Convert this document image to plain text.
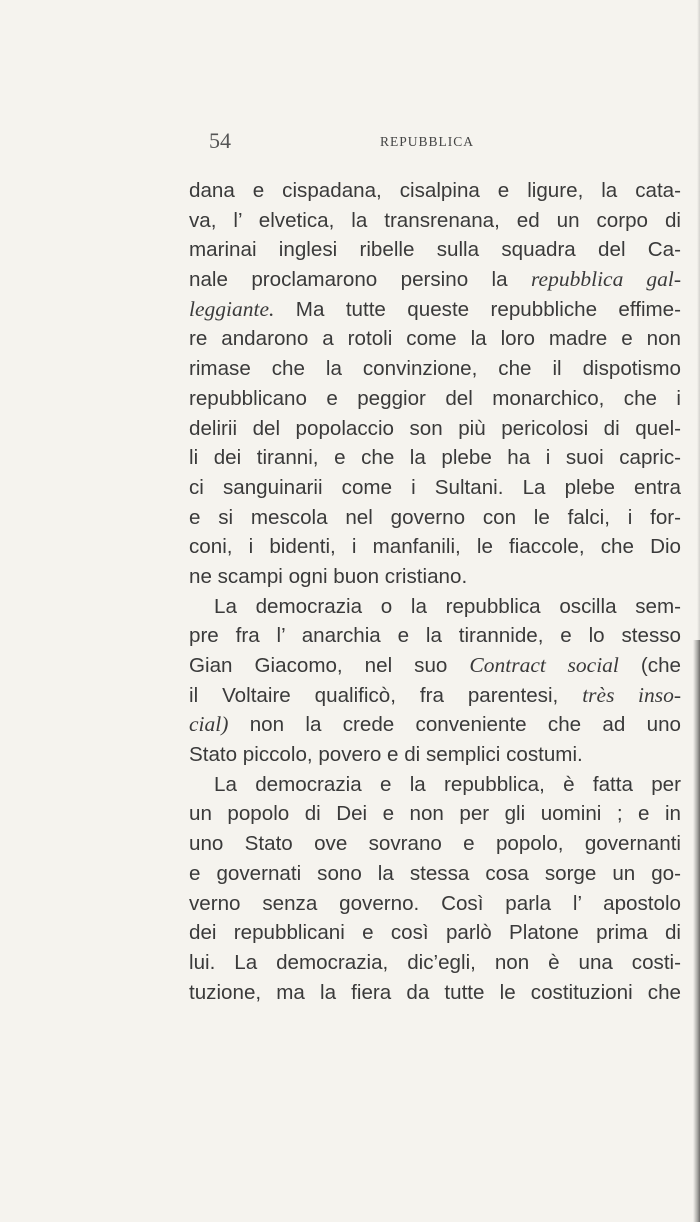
54	REPUBBLICA
dana e cispadana, cisalpina e ligure, la cata-
va, l’ elvetica, la transrenana, ed un corpo di
marinai inglesi ribelle sulla squadra del Ca-
nale proclamarono persino la repubblica gal-
leggiante. Ma tutte queste repubbliche effime-
re andarono a rotoli come la loro madre e non
rimase che la convinzione, che il dispotismo
repubblicano e peggior del monarchico, che i
delirii del popolaccio son più pericolosi di quel-
li dei tiranni, e che la plebe ha i suoi capric-
ci sanguinarii come i Sultani. La plebe entra
e si mescola nel governo con le falci, i for-
coni, i bidenti, i manfanili, le fiaccole, che Dio
ne scampi ogni buon cristiano.
La democrazia o la repubblica oscilla sem-
pre fra l’ anarchia e la tirannide, e lo stesso
Gian Giacomo, nel suo Contract social (che
il Voltaire qualificò, fra parentesi, très inso-
cial) non la crede conveniente che ad uno
Stato piccolo, povero e di semplici costumi.
La democrazia e la repubblica, è fatta per
un popolo di Dei e non per gli uomini ; e in
uno Stato ove sovrano e popolo, governanti
e governati sono la stessa cosa sorge un go-
verno senza governo. Così parla l’ apostolo
dei repubblicani e così parlò Platone prima di
lui. La democrazia, dic’egli, non è una costi-
tuzione, ma la fiera da tutte le costituzioni che
